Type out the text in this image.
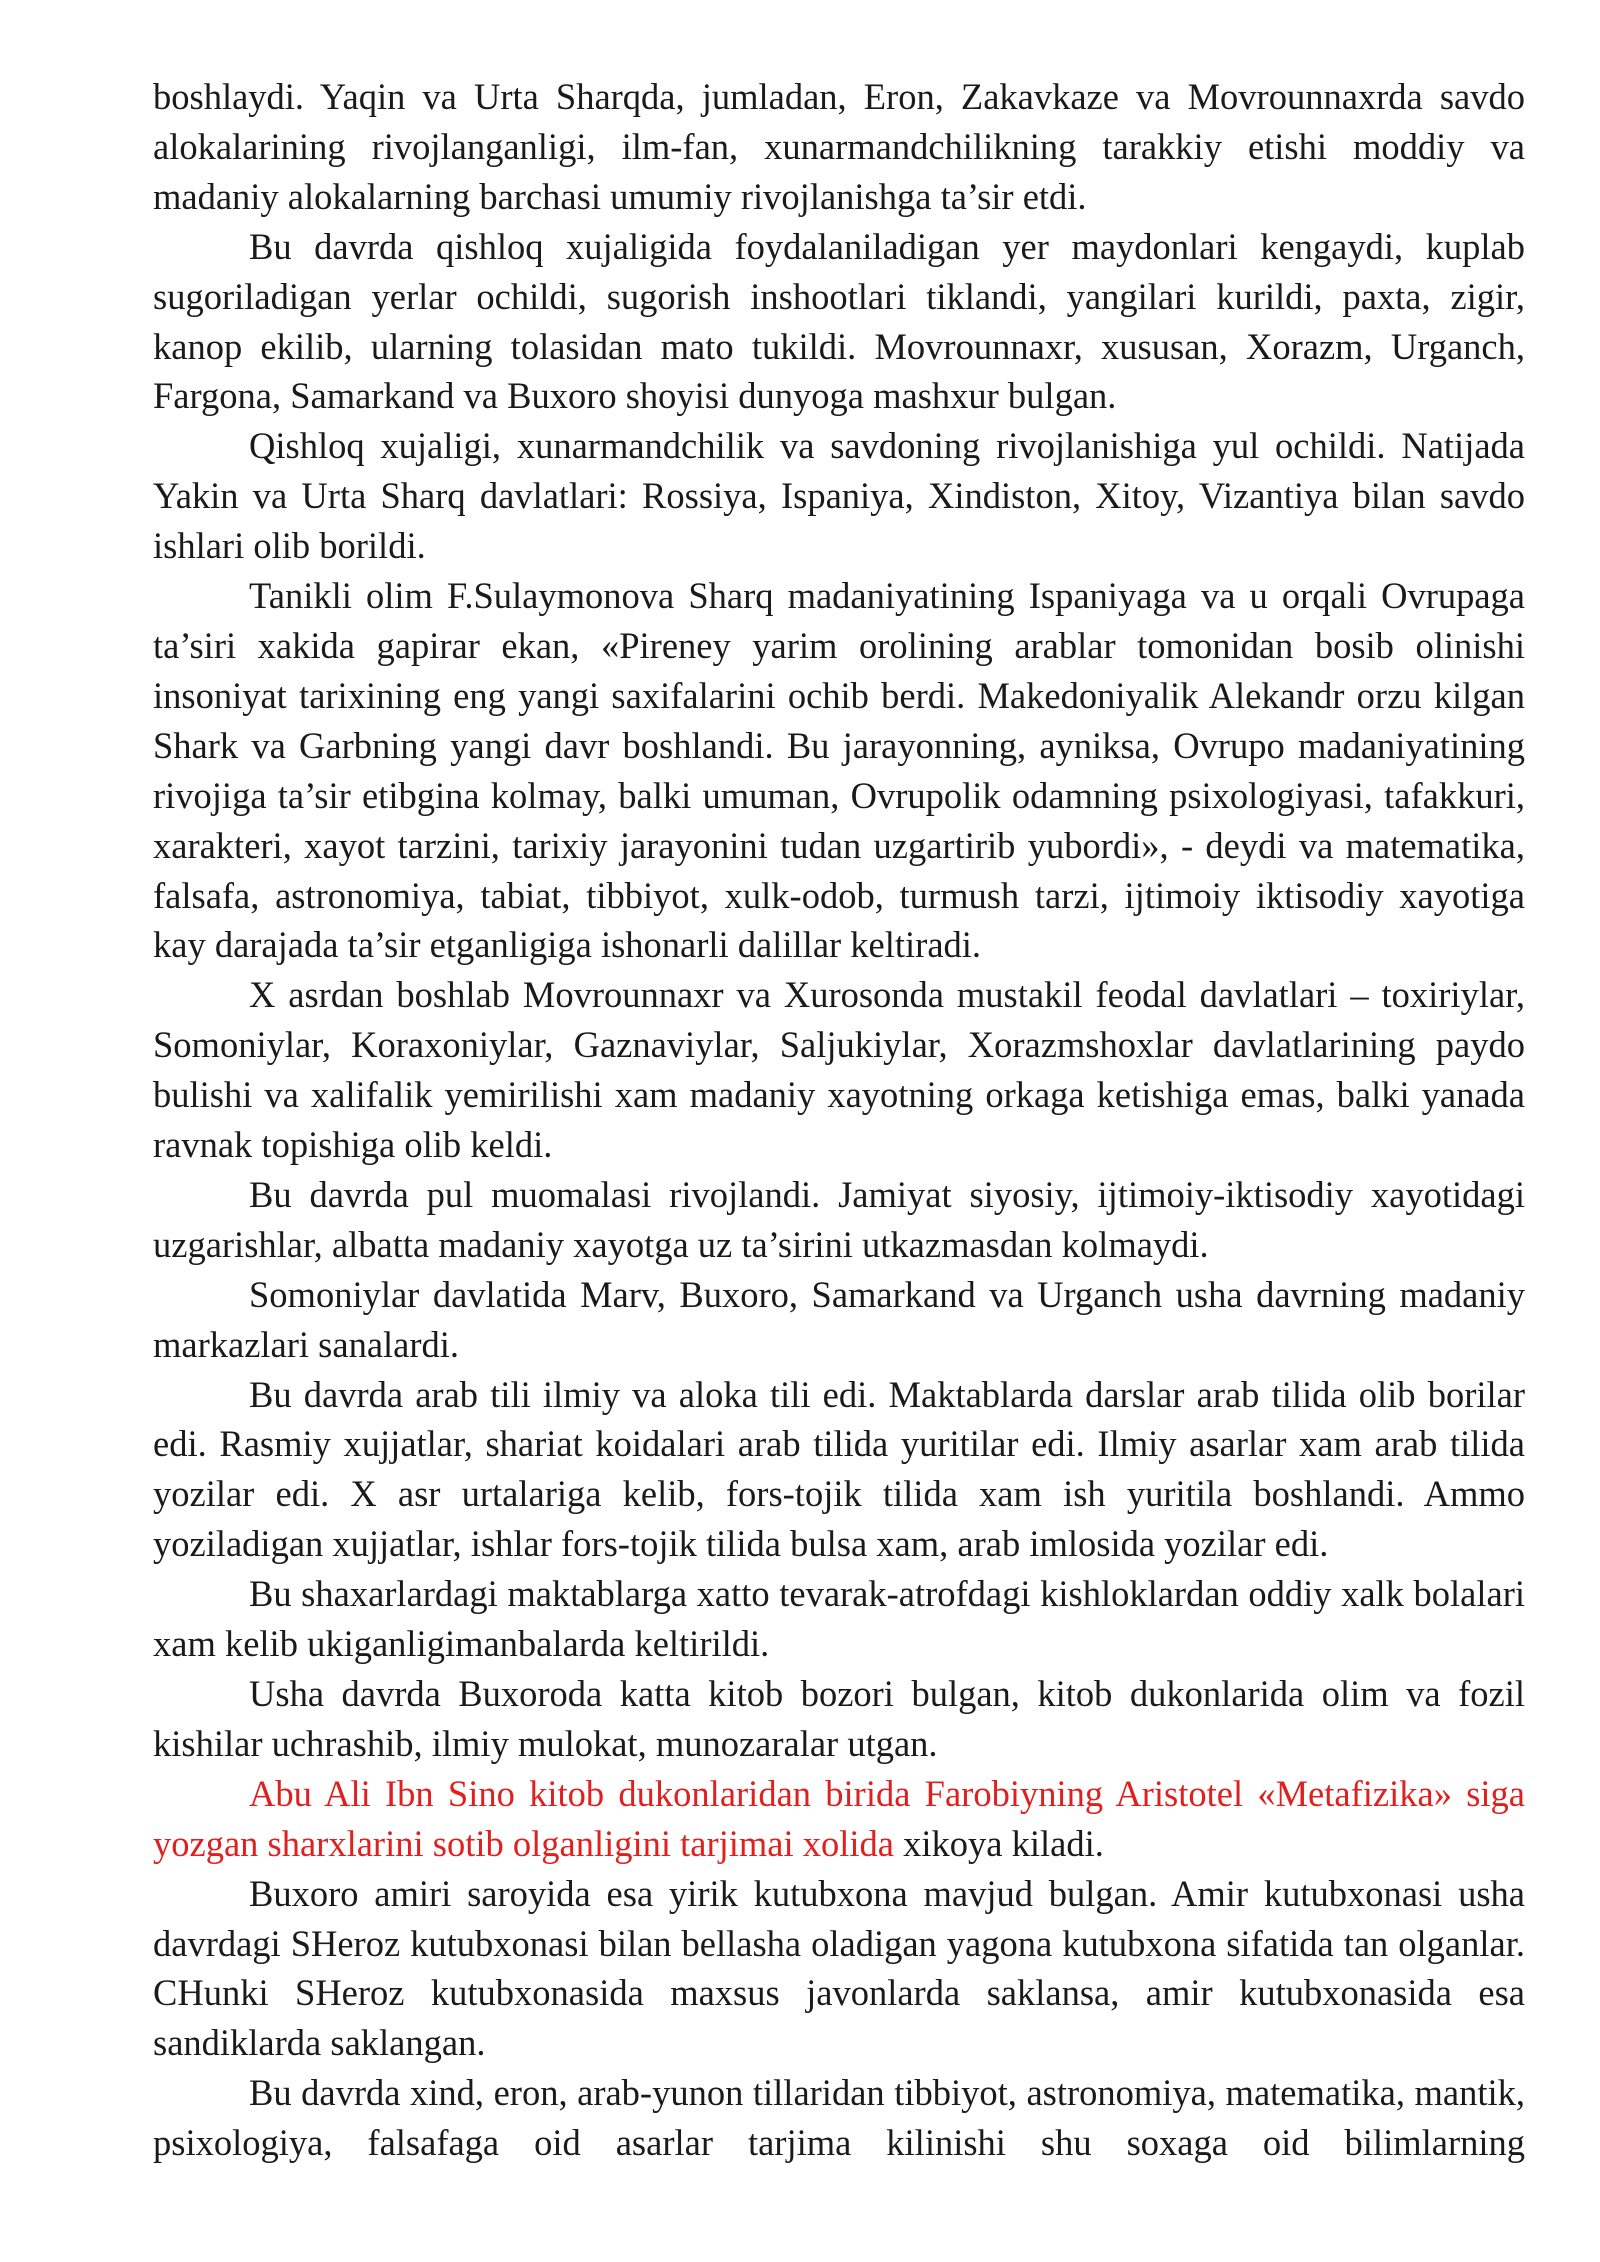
boshlaydi. Yaqin va Urta Sharqda, jumladan, Eron, Zakavkaze va Movrounnaxrda savdo alokalarining rivojlanganligi, ilm-fan, xunarmandchilikning tarakkiy etishi moddiy va madaniy alokalarning barchasi umumiy rivojlanishga ta’sir etdi.

Bu davrda qishloq xujaligida foydalaniladigan yer maydonlari kengaydi, kuplab sugoriladigan yerlar ochildi, sugorish inshootlari tiklandi, yangilari kurildi, paxta, zigir, kanop ekilib, ularning tolasidan mato tukildi. Movrounnaxr, xususan, Xorazm, Urganch, Fargona, Samarkand va Buxoro shoyisi dunyoga mashxur bulgan.

Qishloq xujaligi, xunarmandchilik va savdoning rivojlanishiga yul ochildi. Natijada Yakin va Urta Sharq davlatlari: Rossiya, Ispaniya, Xindiston, Xitoy, Vizantiya bilan savdo ishlari olib borildi.

Tanikli olim F.Sulaymonova Sharq madaniyatining Ispaniyaga va u orqali Ovrupaga ta’siri xakida gapirar ekan, «Pireney yarim orolining arablar tomonidan bosib olinishi insoniyat tarixining eng yangi saxifalarini ochib berdi. Makedoniyalik Alekandr orzu kilgan Shark va Garbning yangi davr boshlandi. Bu jarayonning, ayniksa, Ovrupo madaniyatining rivojiga ta’sir etibgina kolmay, balki umuman, Ovrupolik odamning psixologiyasi, tafakkuri, xarakteri, xayot tarzini, tarixiy jarayonini tudan uzgartirib yubordi», - deydi va matematika, falsafa, astronomiya, tabiat, tibbiyot, xulk-odob, turmush tarzi, ijtimoiy iktisodiy xayotiga kay darajada ta’sir etganligiga ishonarli dalillar keltiradi.

X asrdan boshlab Movrounnaxr va Xurosonda mustakil feodal davlatlari – toxiriylar, Somoniylar, Koraxoniylar, Gaznaviylar, Saljukiylar, Xorazmshoxlar davlatlarining paydo bulishi va xalifalik yemirilishi xam madaniy xayotning orkaga ketishiga emas, balki yanada ravnak topishiga olib keldi.

Bu davrda pul muomalasi rivojlandi. Jamiyat siyosiy, ijtimoiy-iktisodiy xayotidagi uzgarishlar, albatta madaniy xayotga uz ta’sirini utkazmasdan kolmaydi.

Somoniylar davlatida Marv, Buxoro, Samarkand va Urganch usha davrning madaniy markazlari sanalardi.

Bu davrda arab tili ilmiy va aloka tili edi. Maktablarda darslar arab tilida olib borilar edi. Rasmiy xujjatlar, shariat koidalari arab tilida yuritilar edi. Ilmiy asarlar xam arab tilida yozilar edi. X asr urtalariga kelib, fors-tojik tilida xam ish yuritila boshlandi. Ammo yoziladigan xujjatlar, ishlar fors-tojik tilida bulsa xam, arab imlosida yozilar edi.

Bu shaxarlardagi maktablarga xatto tevarak-atrofdagi kishloklardan oddiy xalk bolalari xam kelib ukiganligimanbalarda keltirildi.

Usha davrda Buxoroda katta kitob bozori bulgan, kitob dukonlarida olim va fozil kishilar uchrashib, ilmiy mulokat, munozaralar utgan.

Abu Ali Ibn Sino kitob dukonlaridan birida Farobiyning Aristotel «Metafizika» siga yozgan sharxlarini sotib olganligini tarjimai xolida xikoya kiladi.

Buxoro amiri saroyida esa yirik kutubxona mavjud bulgan. Amir kutubxonasi usha davrdagi SHeroz kutubxonasi bilan bellasha oladigan yagona kutubxona sifatida tan olganlar. CHunki SHeroz kutubxonasida maxsus javonlarda saklansa, amir kutubxonasida esa sandiklarda saklangan.

Bu davrda xind, eron, arab-yunon tillaridan tibbiyot, astronomiya, matematika, mantik, psixologiya, falsafaga oid asarlar tarjima kilinishi shu soxaga oid bilimlarning
